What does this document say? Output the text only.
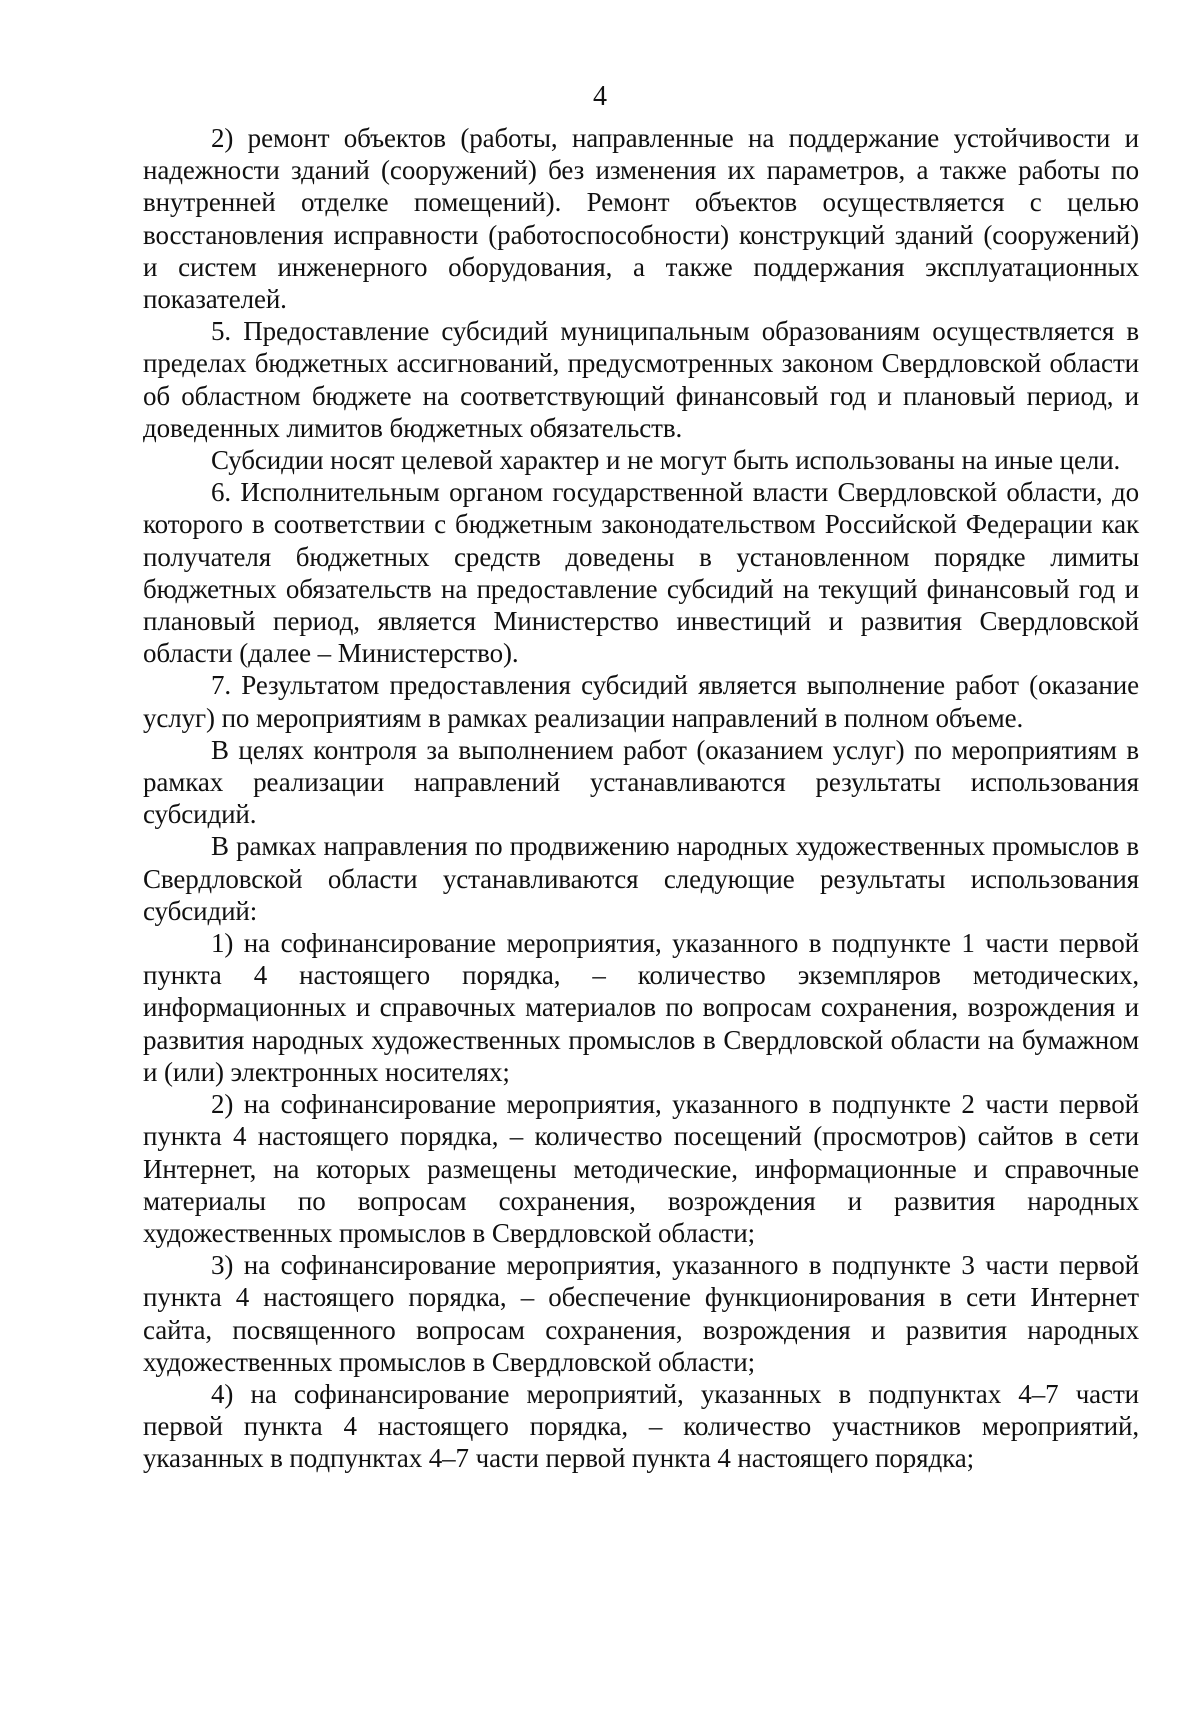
4

2) ремонт объектов (работы, направленные на поддержание устойчивости и надежности зданий (сооружений) без изменения их параметров, а также работы по внутренней отделке помещений). Ремонт объектов осуществляется с целью восстановления исправности (работоспособности) конструкций зданий (сооружений) и систем инженерного оборудования, а также поддержания эксплуатационных показателей.

5. Предоставление субсидий муниципальным образованиям осуществляется в пределах бюджетных ассигнований, предусмотренных законом Свердловской области об областном бюджете на соответствующий финансовый год и плановый период, и доведенных лимитов бюджетных обязательств.

Субсидии носят целевой характер и не могут быть использованы на иные цели.

6. Исполнительным органом государственной власти Свердловской области, до которого в соответствии с бюджетным законодательством Российской Федерации как получателя бюджетных средств доведены в установленном порядке лимиты бюджетных обязательств на предоставление субсидий на текущий финансовый год и плановый период, является Министерство инвестиций и развития Свердловской области (далее – Министерство).

7. Результатом предоставления субсидий является выполнение работ (оказание услуг) по мероприятиям в рамках реализации направлений в полном объеме.

В целях контроля за выполнением работ (оказанием услуг) по мероприятиям в рамках реализации направлений устанавливаются результаты использования субсидий.

В рамках направления по продвижению народных художественных промыслов в Свердловской области устанавливаются следующие результаты использования субсидий:

1) на софинансирование мероприятия, указанного в подпункте 1 части первой пункта 4 настоящего порядка, – количество экземпляров методических, информационных и справочных материалов по вопросам сохранения, возрождения и развития народных художественных промыслов в Свердловской области на бумажном и (или) электронных носителях;

2) на софинансирование мероприятия, указанного в подпункте 2 части первой пункта 4 настоящего порядка, – количество посещений (просмотров) сайтов в сети Интернет, на которых размещены методические, информационные и справочные материалы по вопросам сохранения, возрождения и развития народных художественных промыслов в Свердловской области;

3) на софинансирование мероприятия, указанного в подпункте 3 части первой пункта 4 настоящего порядка, – обеспечение функционирования в сети Интернет сайта, посвященного вопросам сохранения, возрождения и развития народных художественных промыслов в Свердловской области;

4) на софинансирование мероприятий, указанных в подпунктах 4–7 части первой пункта 4 настоящего порядка, – количество участников мероприятий, указанных в подпунктах 4–7 части первой пункта 4 настоящего порядка;
